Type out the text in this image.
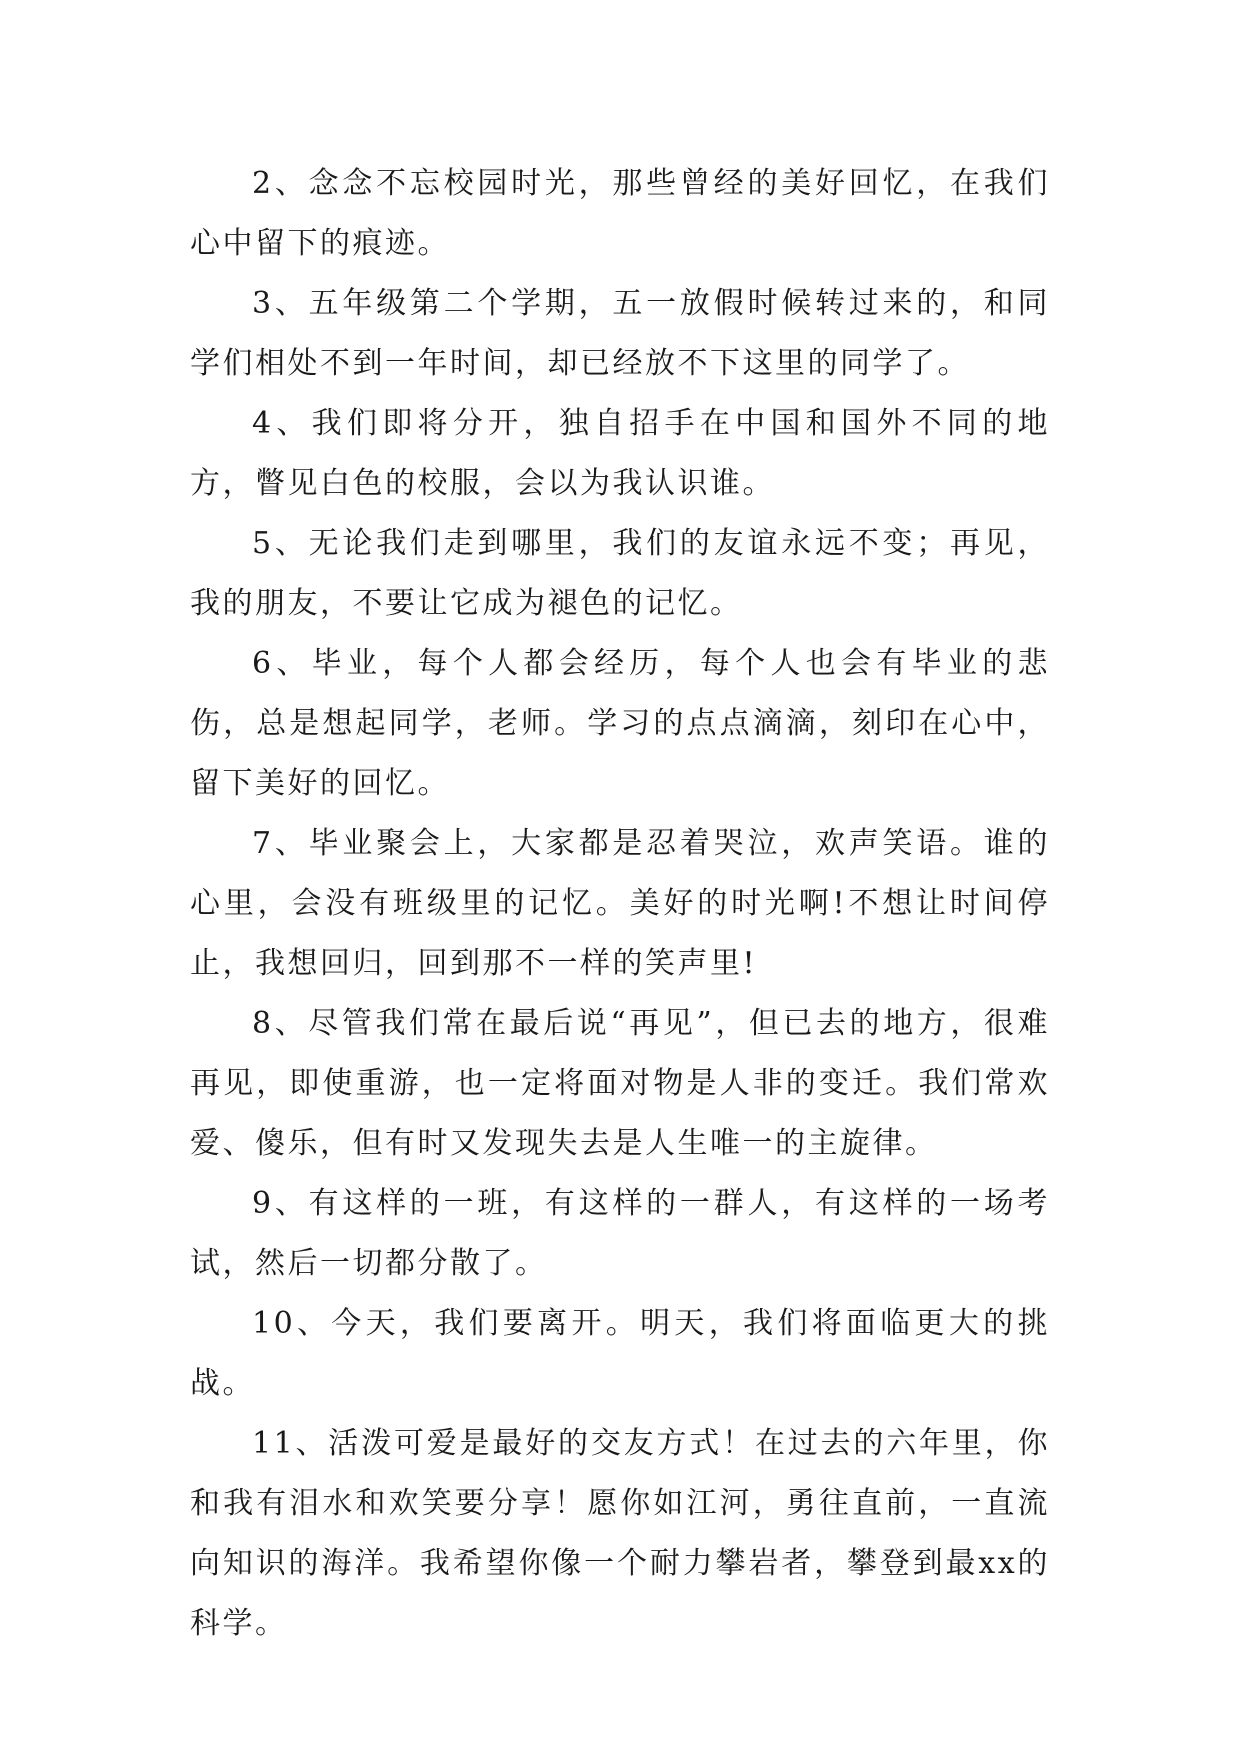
2、念念不忘校园时光，那些曾经的美好回忆，在我们心中留下的痕迹。

3、五年级第二个学期，五一放假时候转过来的，和同学们相处不到一年时间，却已经放不下这里的同学了。

4、我们即将分开，独自招手在中国和国外不同的地方，瞥见白色的校服，会以为我认识谁。

5、无论我们走到哪里，我们的友谊永远不变；再见，我的朋友，不要让它成为褪色的记忆。

6、毕业，每个人都会经历，每个人也会有毕业的悲伤，总是想起同学，老师。学习的点点滴滴，刻印在心中，留下美好的回忆。

7、毕业聚会上，大家都是忍着哭泣，欢声笑语。谁的心里，会没有班级里的记忆。美好的时光啊!不想让时间停止，我想回归，回到那不一样的笑声里!

8、尽管我们常在最后说“再见”，但已去的地方，很难再见，即使重游，也一定将面对物是人非的变迁。我们常欢爱、傻乐，但有时又发现失去是人生唯一的主旋律。

9、有这样的一班，有这样的一群人，有这样的一场考试，然后一切都分散了。

10、今天，我们要离开。明天，我们将面临更大的挑战。

11、活泼可爱是最好的交友方式！在过去的六年里，你和我有泪水和欢笑要分享！愿你如江河，勇往直前，一直流向知识的海洋。我希望你像一个耐力攀岩者，攀登到最xx的科学。
